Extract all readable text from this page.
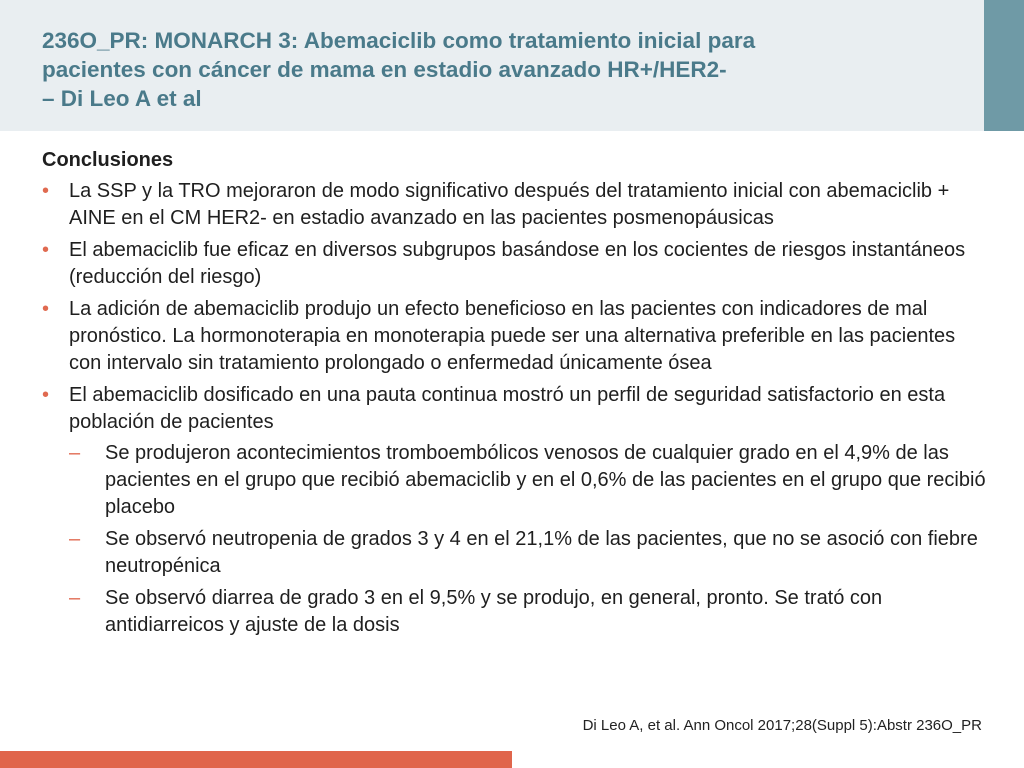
236O_PR: MONARCH 3: Abemaciclib como tratamiento inicial para
pacientes con cáncer de mama en estadio avanzado HR+/HER2-
– Di Leo A et al

Conclusiones

• La SSP y la TRO mejoraron de modo significativo después del tratamiento inicial con abemaciclib + AINE en el CM HER2- en estadio avanzado en las pacientes posmenopáusicas
• El abemaciclib fue eficaz en diversos subgrupos basándose en los cocientes de riesgos instantáneos (reducción del riesgo)
• La adición de abemaciclib produjo un efecto beneficioso en las pacientes con indicadores de mal pronóstico. La hormonoterapia en monoterapia puede ser una alternativa preferible en las pacientes con intervalo sin tratamiento prolongado o enfermedad únicamente ósea
• El abemaciclib dosificado en una pauta continua mostró un perfil de seguridad satisfactorio en esta población de pacientes
– Se produjeron acontecimientos tromboembólicos venosos de cualquier grado en el 4,9% de las pacientes en el grupo que recibió abemaciclib y en el 0,6% de las pacientes en el grupo que recibió placebo
– Se observó neutropenia de grados 3 y 4 en el 21,1% de las pacientes, que no se asoció con fiebre neutropénica
– Se observó diarrea de grado 3 en el 9,5% y se produjo, en general, pronto. Se trató con antidiarreicos y ajuste de la dosis
Di Leo A, et al. Ann Oncol 2017;28(Suppl 5):Abstr 236O_PR
